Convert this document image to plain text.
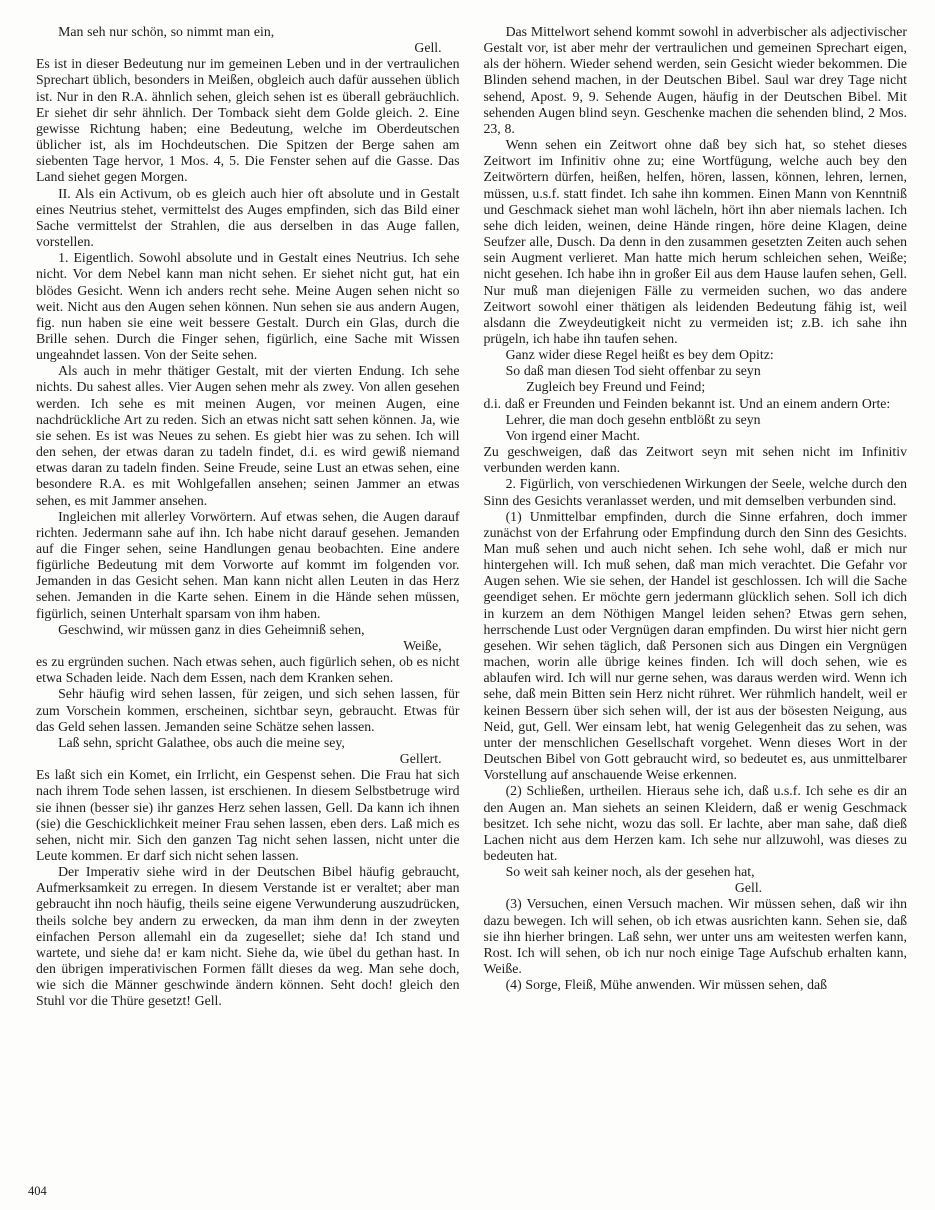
Man seh nur schön, so nimmt man ein,

Gell.

Es ist in dieser Bedeutung nur im gemeinen Leben und in der vertraulichen Sprechart üblich, besonders in Meißen, obgleich auch dafür aussehen üblich ist. Nur in den R.A. ähnlich sehen, gleich sehen ist es überall gebräuchlich. Er siehet dir sehr ähnlich. Der Tomback sieht dem Golde gleich. 2. Eine gewisse Richtung haben; eine Bedeutung, welche im Oberdeutschen üblicher ist, als im Hochdeutschen. Die Spitzen der Berge sahen am siebenten Tage hervor, 1 Mos. 4, 5. Die Fenster sehen auf die Gasse. Das Land siehet gegen Morgen.

II. Als ein Activum, ob es gleich auch hier oft absolute und in Gestalt eines Neutrius stehet, vermittelst des Auges empfinden, sich das Bild einer Sache vermittelst der Strahlen, die aus derselben in das Auge fallen, vorstellen.

1. Eigentlich. Sowohl absolute und in Gestalt eines Neutrius. Ich sehe nicht. Vor dem Nebel kann man nicht sehen. Er siehet nicht gut, hat ein blödes Gesicht. Wenn ich anders recht sehe. Meine Augen sehen nicht so weit. Nicht aus den Augen sehen können. Nun sehen sie aus andern Augen, fig. nun haben sie eine weit bessere Gestalt. Durch ein Glas, durch die Brille sehen. Durch die Finger sehen, figürlich, eine Sache mit Wissen ungeahndet lassen. Von der Seite sehen.

Als auch in mehr thätiger Gestalt, mit der vierten Endung. Ich sehe nichts. Du sahest alles. Vier Augen sehen mehr als zwey. Von allen gesehen werden. Ich sehe es mit meinen Augen, vor meinen Augen, eine nachdrückliche Art zu reden. Sich an etwas nicht satt sehen können. Ja, wie sie sehen. Es ist was Neues zu sehen. Es giebt hier was zu sehen. Ich will den sehen, der etwas daran zu tadeln findet, d.i. es wird gewiß niemand etwas daran zu tadeln finden. Seine Freude, seine Lust an etwas sehen, eine besondere R.A. es mit Wohlgefallen ansehen; seinen Jammer an etwas sehen, es mit Jammer ansehen.

Ingleichen mit allerley Vorwörtern. Auf etwas sehen, die Augen darauf richten. Jedermann sahe auf ihn. Ich habe nicht darauf gesehen. Jemanden auf die Finger sehen, seine Handlungen genau beobachten. Eine andere figürliche Bedeutung mit dem Vorworte auf kommt im folgenden vor. Jemanden in das Gesicht sehen. Man kann nicht allen Leuten in das Herz sehen. Jemanden in die Karte sehen. Einem in die Hände sehen müssen, figürlich, seinen Unterhalt sparsam von ihm haben.

Geschwind, wir müssen ganz in dies Geheimniß sehen,

Weiße,

es zu ergründen suchen. Nach etwas sehen, auch figürlich sehen, ob es nicht etwa Schaden leide. Nach dem Essen, nach dem Kranken sehen.

Sehr häufig wird sehen lassen, für zeigen, und sich sehen lassen, für zum Vorschein kommen, erscheinen, sichtbar seyn, gebraucht. Etwas für das Geld sehen lassen. Jemanden seine Schätze sehen lassen.

Laß sehn, spricht Galathee, obs auch die meine sey,

Gellert.

Es laßt sich ein Komet, ein Irrlicht, ein Gespenst sehen. Die Frau hat sich nach ihrem Tode sehen lassen, ist erschienen. In diesem Selbstbetruge wird sie ihnen (besser sie) ihr ganzes Herz sehen lassen, Gell. Da kann ich ihnen (sie) die Geschicklichkeit meiner Frau sehen lassen, eben ders. Laß mich es sehen, nicht mir. Sich den ganzen Tag nicht sehen lassen, nicht unter die Leute kommen. Er darf sich nicht sehen lassen.

Der Imperativ siehe wird in der Deutschen Bibel häufig gebraucht, Aufmerksamkeit zu erregen. In diesem Verstande ist er veraltet; aber man gebraucht ihn noch häufig, theils seine eigene Verwunderung auszudrücken, theils solche bey andern zu erwecken, da man ihm denn in der zweyten einfachen Person allemahl ein da zugesellet; siehe da! Ich stand und wartete, und siehe da! er kam nicht. Siehe da, wie übel du gethan hast. In den übrigen imperativischen Formen fällt dieses da weg. Man sehe doch, wie sich die Männer geschwinde ändern können. Seht doch! gleich den Stuhl vor die Thüre gesetzt! Gell.

Das Mittelwort sehend kommt sowohl in adverbischer als adjectivischer Gestalt vor, ist aber mehr der vertraulichen und gemeinen Sprechart eigen, als der höhern. Wieder sehend werden, sein Gesicht wieder bekommen. Die Blinden sehend machen, in der Deutschen Bibel. Saul war drey Tage nicht sehend, Apost. 9, 9. Sehende Augen, häufig in der Deutschen Bibel. Mit sehenden Augen blind seyn. Geschenke machen die sehenden blind, 2 Mos. 23, 8.

Wenn sehen ein Zeitwort ohne daß bey sich hat, so stehet dieses Zeitwort im Infinitiv ohne zu; eine Wortfügung, welche auch bey den Zeitwörtern dürfen, heißen, helfen, hören, lassen, können, lehren, lernen, müssen, u.s.f. statt findet. Ich sahe ihn kommen. Einen Mann von Kenntniß und Geschmack siehet man wohl lächeln, hört ihn aber niemals lachen. Ich sehe dich leiden, weinen, deine Hände ringen, höre deine Klagen, deine Seufzer alle, Dusch. Da denn in den zusammen gesetzten Zeiten auch sehen sein Augment verlieret. Man hatte mich herum schleichen sehen, Weiße; nicht gesehen. Ich habe ihn in großer Eil aus dem Hause laufen sehen, Gell. Nur muß man diejenigen Fälle zu vermeiden suchen, wo das andere Zeitwort sowohl einer thätigen als leidenden Bedeutung fähig ist, weil alsdann die Zweydeutigkeit nicht zu vermeiden ist; z.B. ich sahe ihn prügeln, ich habe ihn taufen sehen.

Ganz wider diese Regel heißt es bey dem Opitz:

So daß man diesen Tod sieht offenbar zu seyn

Zugleich bey Freund und Feind;

d.i. daß er Freunden und Feinden bekannt ist. Und an einem andern Orte:

Lehrer, die man doch gesehn entblößt zu seyn

Von irgend einer Macht.

Zu geschweigen, daß das Zeitwort seyn mit sehen nicht im Infinitiv verbunden werden kann.

2. Figürlich, von verschiedenen Wirkungen der Seele, welche durch den Sinn des Gesichts veranlasset werden, und mit demselben verbunden sind.

(1) Unmittelbar empfinden, durch die Sinne erfahren, doch immer zunächst von der Erfahrung oder Empfindung durch den Sinn des Gesichts. Man muß sehen und auch nicht sehen. Ich sehe wohl, daß er mich nur hintergehen will. Ich muß sehen, daß man mich verachtet. Die Gefahr vor Augen sehen. Wie sie sehen, der Handel ist geschlossen. Ich will die Sache geendiget sehen. Er möchte gern jedermann glücklich sehen. Soll ich dich in kurzem an dem Nöthigen Mangel leiden sehen? Etwas gern sehen, herrschende Lust oder Vergnügen daran empfinden. Du wirst hier nicht gern gesehen. Wir sehen täglich, daß Personen sich aus Dingen ein Vergnügen machen, worin alle übrige keines finden. Ich will doch sehen, wie es ablaufen wird. Ich will nur gerne sehen, was daraus werden wird. Wenn ich sehe, daß mein Bitten sein Herz nicht rühret. Wer rühmlich handelt, weil er keinen Bessern über sich sehen will, der ist aus der bösesten Neigung, aus Neid, gut, Gell. Wer einsam lebt, hat wenig Gelegenheit das zu sehen, was unter der menschlichen Gesellschaft vorgehet. Wenn dieses Wort in der Deutschen Bibel von Gott gebraucht wird, so bedeutet es, aus unmittelbarer Vorstellung auf anschauende Weise erkennen.

(2) Schließen, urtheilen. Hieraus sehe ich, daß u.s.f. Ich sehe es dir an den Augen an. Man siehets an seinen Kleidern, daß er wenig Geschmack besitzet. Ich sehe nicht, wozu das soll. Er lachte, aber man sahe, daß dieß Lachen nicht aus dem Herzen kam. Ich sehe nur allzuwohl, was dieses zu bedeuten hat.

So weit sah keiner noch, als der gesehen hat,

Gell.

(3) Versuchen, einen Versuch machen. Wir müssen sehen, daß wir ihn dazu bewegen. Ich will sehen, ob ich etwas ausrichten kann. Sehen sie, daß sie ihn hierher bringen. Laß sehn, wer unter uns am weitesten werfen kann, Rost. Ich will sehen, ob ich nur noch einige Tage Aufschub erhalten kann, Weiße.

(4) Sorge, Fleiß, Mühe anwenden. Wir müssen sehen, daß

404
